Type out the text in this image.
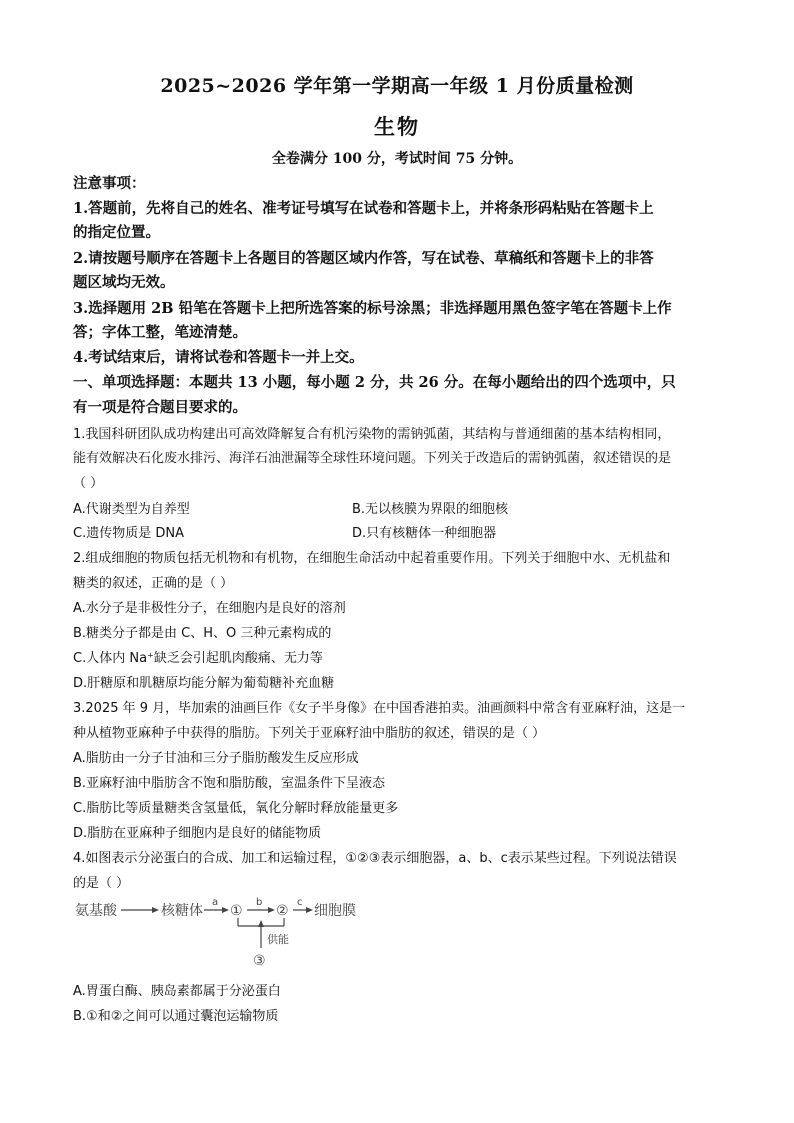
2025~2026 学年第一学期高一年级 1 月份质量检测
生物
全卷满分 100 分，考试时间 75 分钟。
注意事项：
1.答题前，先将自己的姓名、准考证号填写在试卷和答题卡上，并将条形码粘贴在答题卡上
的指定位置。
2.请按题号顺序在答题卡上各题目的答题区域内作答，写在试卷、草稿纸和答题卡上的非答
题区域均无效。
3.选择题用 2B 铅笔在答题卡上把所选答案的标号涂黑；非选择题用黑色签字笔在答题卡上作
答；字体工整，笔迹清楚。
4.考试结束后，请将试卷和答题卡一并上交。
一、单项选择题：本题共 13 小题，每小题 2 分，共 26 分。在每小题给出的四个选项中，只
有一项是符合题目要求的。
1.我国科研团队成功构建出可高效降解复合有机污染物的需钠弧菌，其结构与普通细菌的基本结构相同，
能有效解决石化废水排污、海洋石油泄漏等全球性环境问题。下列关于改造后的需钠弧菌，叙述错误的是
（ ）
A.代谢类型为自养型	B.无以核膜为界限的细胞核
C.遗传物质是 DNA	D.只有核糖体一种细胞器
2.组成细胞的物质包括无机物和有机物，在细胞生命活动中起着重要作用。下列关于细胞中水、无机盐和
糖类的叙述，正确的是（ ）
A.水分子是非极性分子，在细胞内是良好的溶剂
B.糖类分子都是由 C、H、O 三种元素构成的
C.人体内 Na⁺缺乏会引起肌肉酸痛、无力等
D.肝糖原和肌糖原均能分解为葡萄糖补充血糖
3.2025 年 9 月，毕加索的油画巨作《女子半身像》在中国香港拍卖。油画颜料中常含有亚麻籽油，这是一
种从植物亚麻种子中获得的脂肪。下列关于亚麻籽油中脂肪的叙述，错误的是（ ）
A.脂肪由一分子甘油和三分子脂肪酸发生反应形成
B.亚麻籽油中脂肪含不饱和脂肪酸，室温条件下呈液态
C.脂肪比等质量糖类含氢量低，氧化分解时释放能量更多
D.脂肪在亚麻种子细胞内是良好的储能物质
4.如图表示分泌蛋白的合成、加工和运输过程，①②③表示细胞器，a、b、c表示某些过程。下列说法错误
的是（ ）
氨基酸	核糖体
a
①
b
②
c
细胞膜
供能
③
A.胃蛋白酶、胰岛素都属于分泌蛋白
B.①和②之间可以通过囊泡运输物质
